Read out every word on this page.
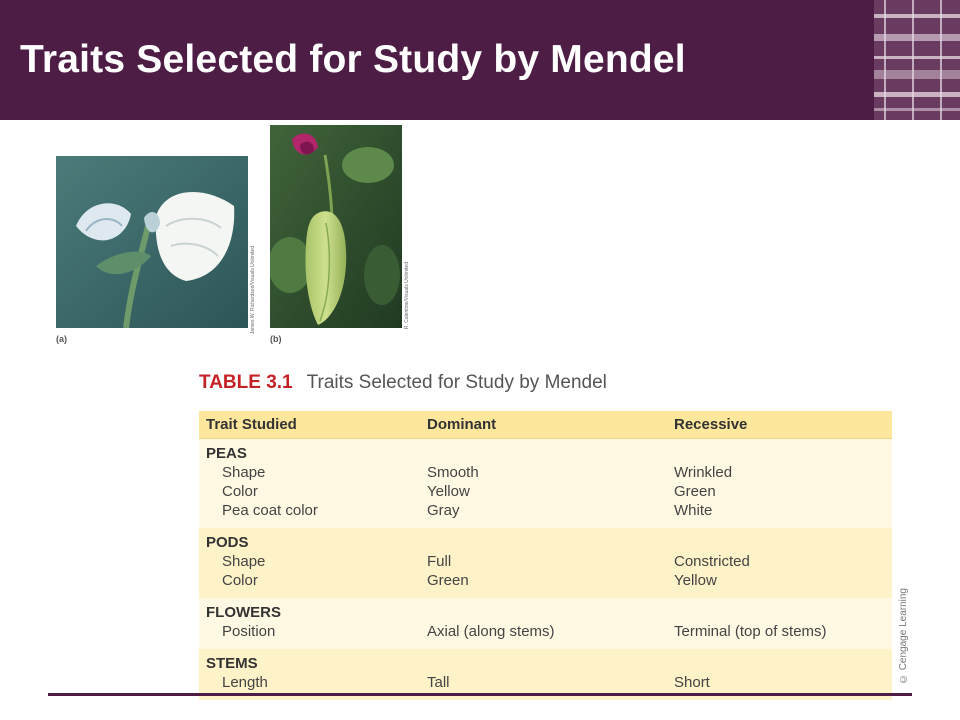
Traits Selected for Study by Mendel
James W. Richardson/Visuals Unlimited
(a)
R. Calentine/Visuals Unlimited
(b)
TABLE 3.1 Traits Selected for Study by Mendel
Trait Studied	Dominant	Recessive
PEAS		
Shape	Smooth	Wrinkled
Color	Yellow	Green
Pea coat color	Gray	White
PODS		
Shape	Full	Constricted
Color	Green	Yellow
FLOWERS		
Position	Axial (along stems)	Terminal (top of stems)
STEMS		
Length	Tall	Short	© Cengage Learning
